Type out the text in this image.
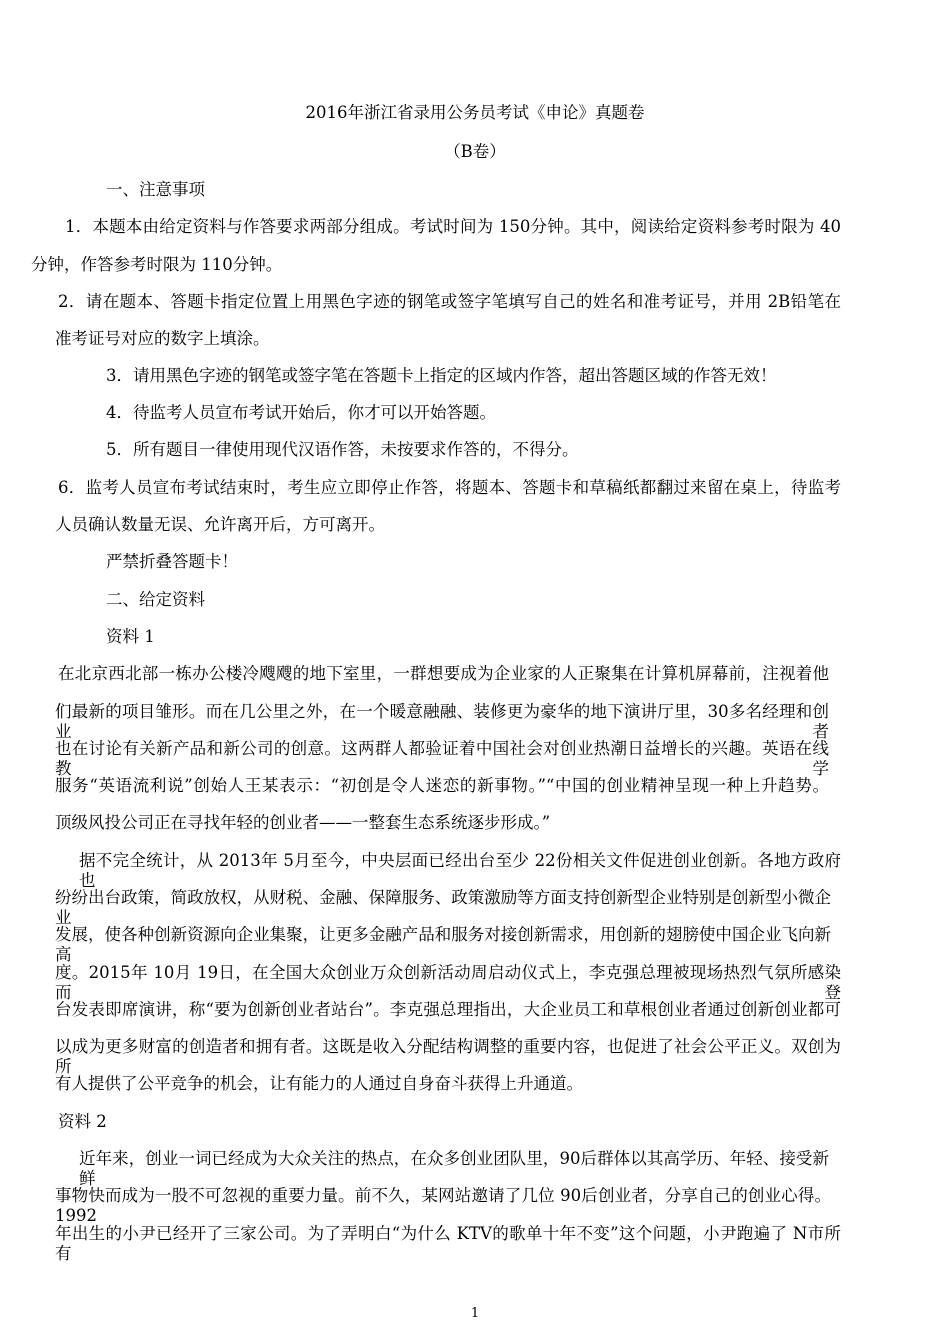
2016年浙江省录用公务员考试《申论》真题卷
（B卷）
一、注意事项
1．本题本由给定资料与作答要求两部分组成。考试时间为 150分钟。其中，阅读给定资料参考时限为 40
分钟，作答参考时限为 110分钟。
2．请在题本、答题卡指定位置上用黑色字迹的钢笔或签字笔填写自己的姓名和准考证号，并用 2B铅笔在
准考证号对应的数字上填涂。
3．请用黑色字迹的钢笔或签字笔在答题卡上指定的区域内作答，超出答题区域的作答无效！
4．待监考人员宣布考试开始后，你才可以开始答题。
5．所有题目一律使用现代汉语作答，未按要求作答的，不得分。
6．监考人员宣布考试结束时，考生应立即停止作答，将题本、答题卡和草稿纸都翻过来留在桌上，待监考
人员确认数量无误、允许离开后，方可离开。
严禁折叠答题卡！
二、给定资料
资料 1
在北京西北部一栋办公楼冷飕飕的地下室里，一群想要成为企业家的人正聚集在计算机屏幕前，注视着他
们最新的项目雏形。而在几公里之外，在一个暖意融融、装修更为豪华的地下演讲厅里，30多名经理和创业者
也在讨论有关新产品和新公司的创意。这两群人都验证着中国社会对创业热潮日益增长的兴趣。英语在线教学
服务“英语流利说”创始人王某表示：“初创是令人迷恋的新事物。”“中国的创业精神呈现一种上升趋势。
顶级风投公司正在寻找年轻的创业者——一整套生态系统逐步形成。”
据不完全统计，从 2013年 5月至今，中央层面已经出台至少 22份相关文件促进创业创新。各地方政府也
纷纷出台政策，简政放权，从财税、金融、保障服务、政策激励等方面支持创新型企业特别是创新型小微企业
发展，使各种创新资源向企业集聚，让更多金融产品和服务对接创新需求，用创新的翅膀使中国企业飞向新高
度。2015年 10月 19日，在全国大众创业万众创新活动周启动仪式上，李克强总理被现场热烈气氛所感染而登
台发表即席演讲，称“要为创新创业者站台”。李克强总理指出，大企业员工和草根创业者通过创新创业都可
以成为更多财富的创造者和拥有者。这既是收入分配结构调整的重要内容，也促进了社会公平正义。双创为所
有人提供了公平竞争的机会，让有能力的人通过自身奋斗获得上升通道。
资料 2
近年来，创业一词已经成为大众关注的热点，在众多创业团队里，90后群体以其高学历、年轻、接受新鲜
事物快而成为一股不可忽视的重要力量。前不久，某网站邀请了几位 90后创业者，分享自己的创业心得。1992
年出生的小尹已经开了三家公司。为了弄明白“为什么 KTV的歌单十年不变”这个问题，小尹跑遍了 N市所有
1
